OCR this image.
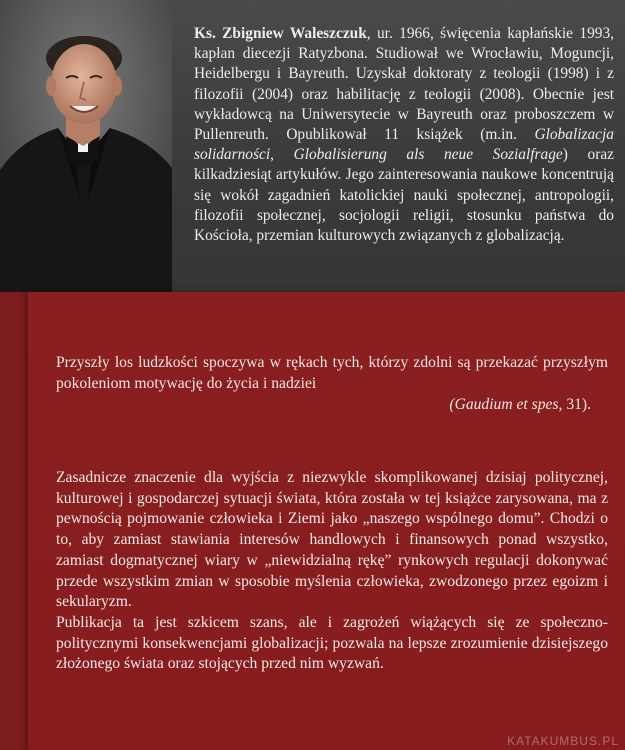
Ks. Zbigniew Waleszczuk, ur. 1966, święcenia kapłańskie 1993, kapłan diecezji Ratyzbona. Studiował we Wrocławiu, Moguncji, Heidelbergu i Bayreuth. Uzyskał doktoraty z teologii (1998) i z filozofii (2004) oraz habilitację z teologii (2008). Obecnie jest wykładowcą na Uniwersytecie w Bayreuth oraz proboszczem w Pullenreuth. Opublikował 11 książek (m.in. Globalizacja solidarności, Globalisierung als neue Sozialfrage) oraz kilkadziesiąt artykułów. Jego zainteresowania naukowe koncentrują się wokół zagadnień katolickiej nauki społecznej, antropologii, filozofii społecznej, socjologii religii, stosunku państwa do Kościoła, przemian kulturowych związanych z globalizacją.

Przyszły los ludzkości spoczywa w rękach tych, którzy zdolni są przekazać przyszłym pokoleniom motywację do życia i nadziei

(Gaudium et spes, 31).

Zasadnicze znaczenie dla wyjścia z niezwykle skomplikowanej dzisiaj politycznej, kulturowej i gospodarczej sytuacji świata, która została w tej książce zarysowana, ma z pewnością pojmowanie człowieka i Ziemi jako „naszego wspólnego domu”. Chodzi o to, aby zamiast stawiania interesów handlowych i finansowych ponad wszystko, zamiast dogmatycznej wiary w „niewidzialną rękę” rynkowych regulacji dokonywać przede wszystkim zmian w sposobie myślenia człowieka, zwodzonego przez egoizm i sekularyzm.

Publikacja ta jest szkicem szans, ale i zagrożeń wiążących się ze społeczno-politycznymi konsekwencjami globalizacji; pozwala na lepsze zrozumienie dzisiejszego złożonego świata oraz stojących przed nim wyzwań.

KATAKUMBUS.PL
